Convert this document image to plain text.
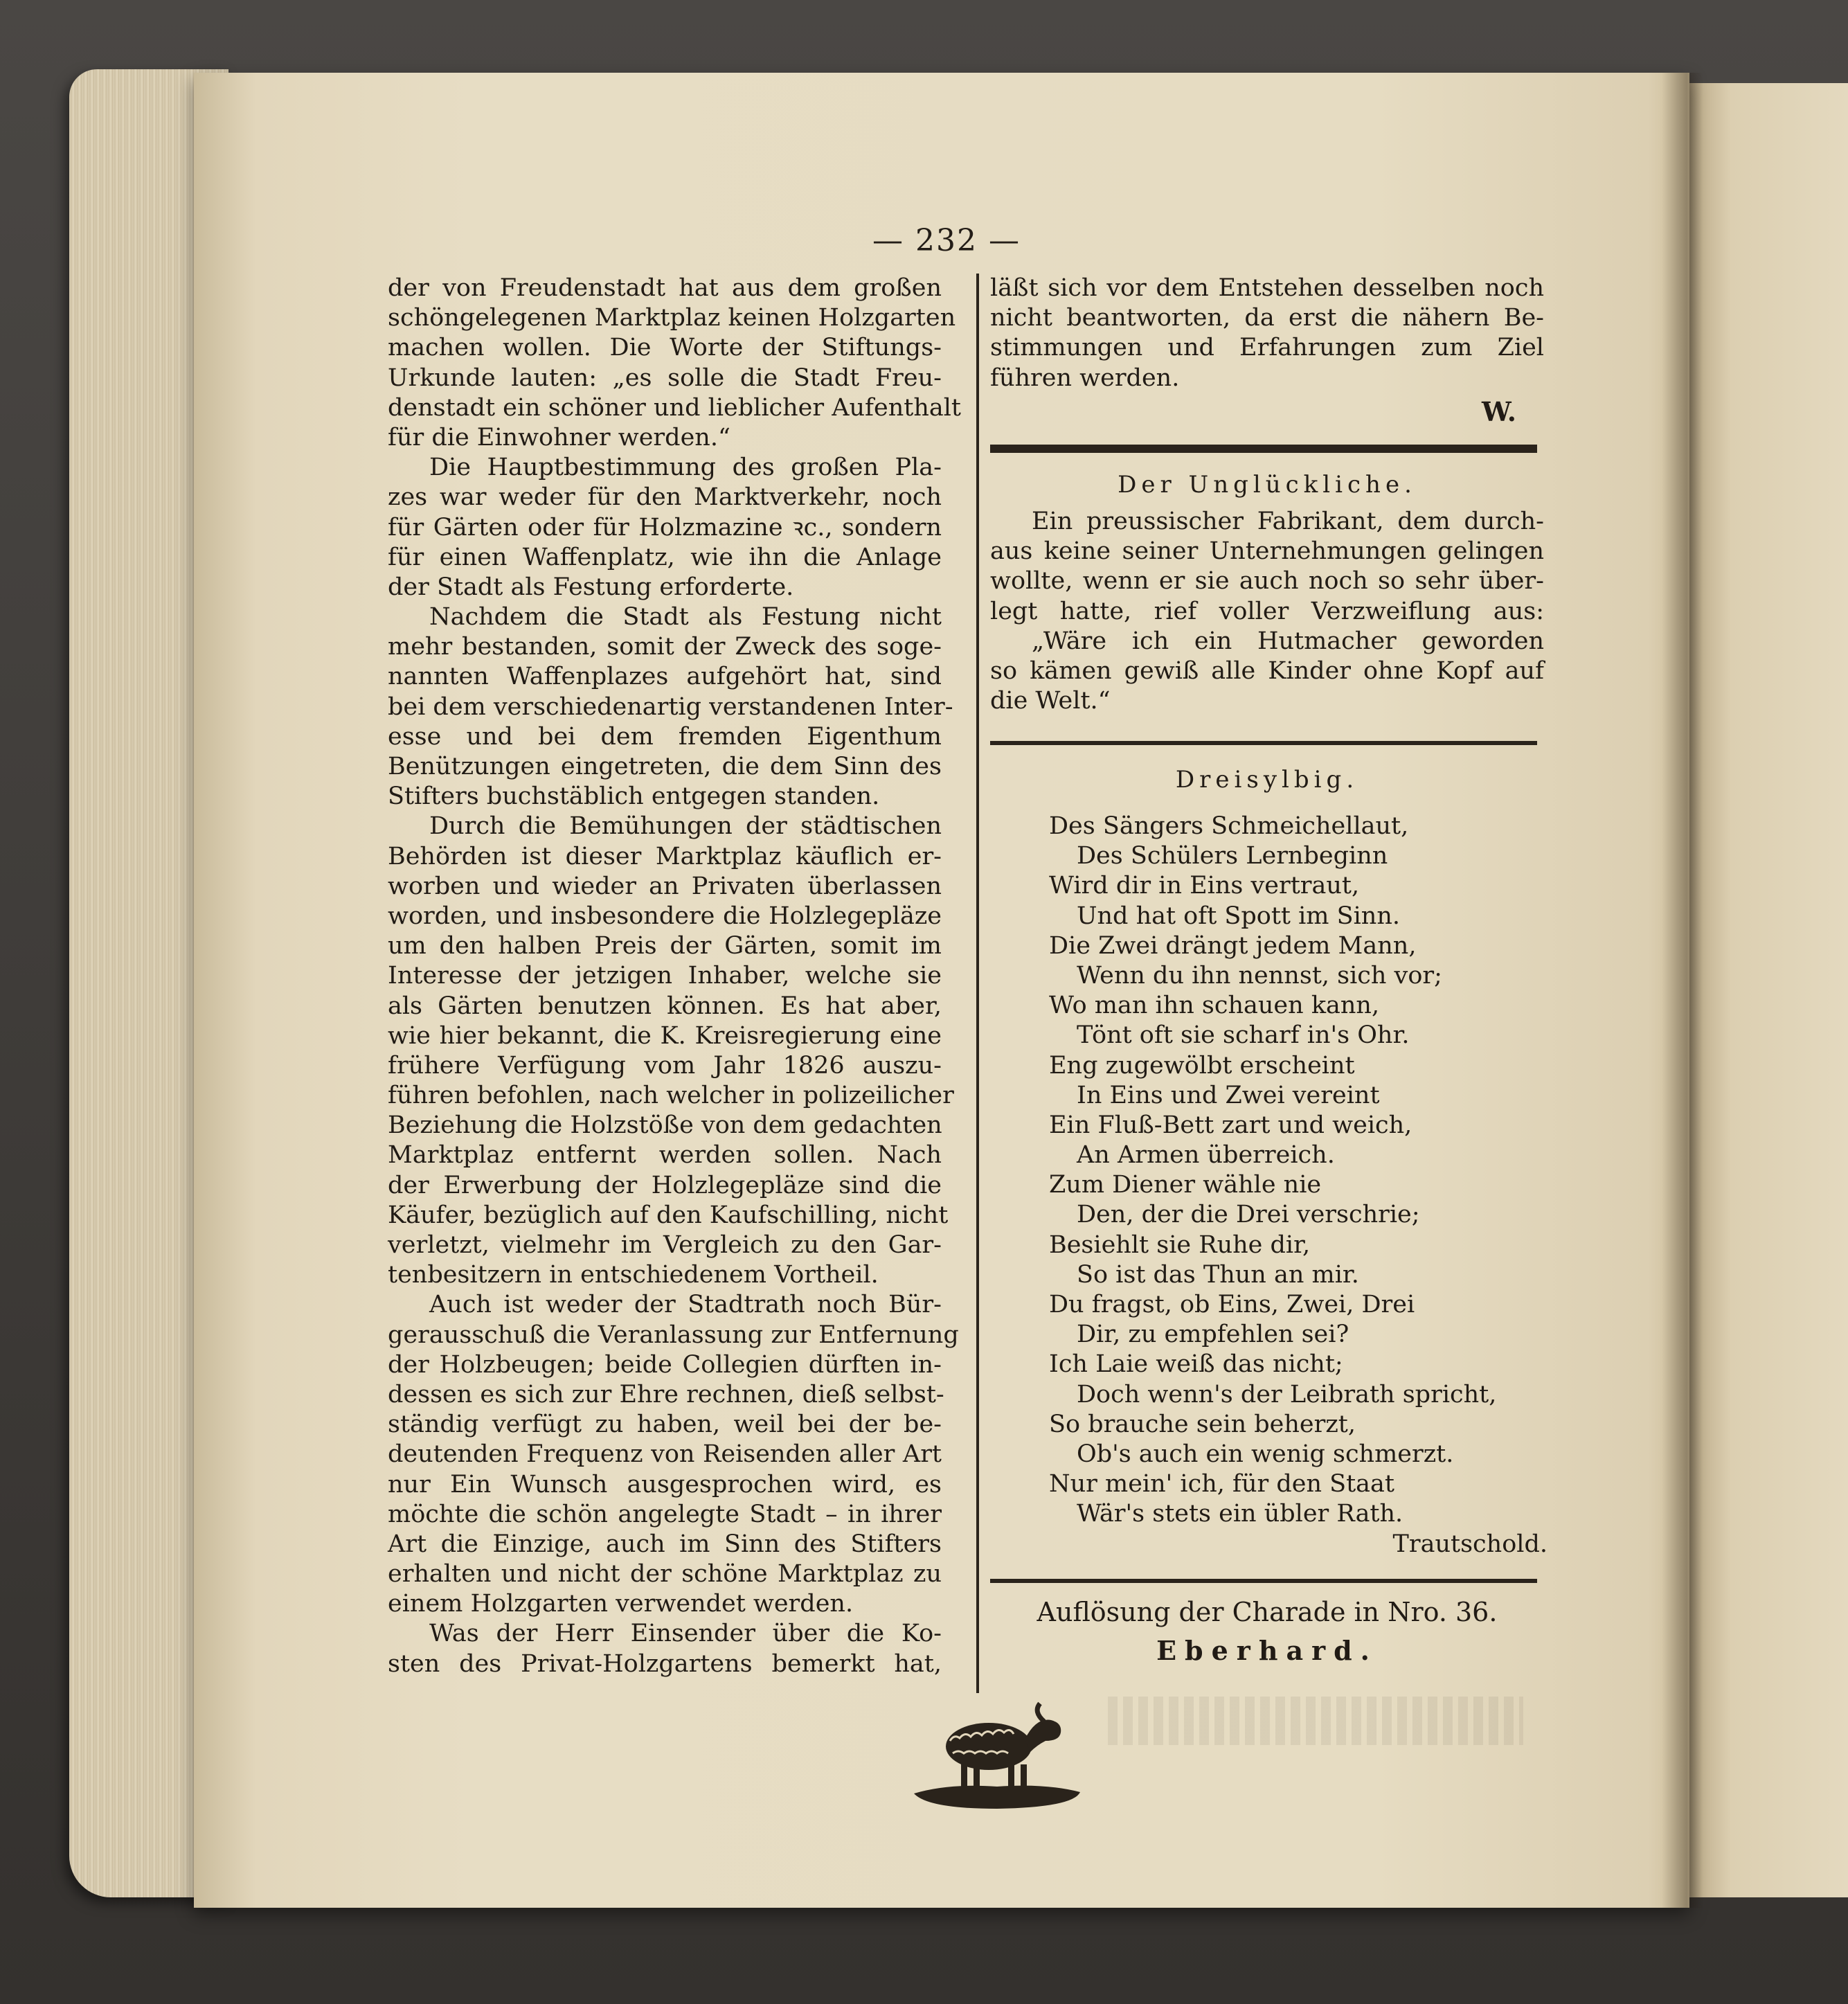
— 232 —
der von Freudenstadt hat aus dem großen
schöngelegenen Marktplaz keinen Holzgarten
machen wollen. Die Worte der Stiftungs-
Urkunde lauten: „es solle die Stadt Freu-
denstadt ein schöner und lieblicher Aufenthalt
für die Einwohner werden.“
Die Hauptbestimmung des großen Pla-
zes war weder für den Marktverkehr, noch
für Gärten oder für Holzmazine ꝛc., sondern
für einen Waffenplatz, wie ihn die Anlage
der Stadt als Festung erforderte.
Nachdem die Stadt als Festung nicht
mehr bestanden, somit der Zweck des soge-
nannten Waffenplazes aufgehört hat, sind
bei dem verschiedenartig verstandenen Inter-
esse und bei dem fremden Eigenthum
Benützungen eingetreten, die dem Sinn des
Stifters buchstäblich entgegen standen.
Durch die Bemühungen der städtischen
Behörden ist dieser Marktplaz käuflich er-
worben und wieder an Privaten überlassen
worden, und insbesondere die Holzlegepläze
um den halben Preis der Gärten, somit im
Interesse der jetzigen Inhaber, welche sie
als Gärten benutzen können. Es hat aber,
wie hier bekannt, die K. Kreisregierung eine
frühere Verfügung vom Jahr 1826 auszu-
führen befohlen, nach welcher in polizeilicher
Beziehung die Holzstöße von dem gedachten
Marktplaz entfernt werden sollen. Nach
der Erwerbung der Holzlegepläze sind die
Käufer, bezüglich auf den Kaufschilling, nicht
verletzt, vielmehr im Vergleich zu den Gar-
tenbesitzern in entschiedenem Vortheil.
Auch ist weder der Stadtrath noch Bür-
gerausschuß die Veranlassung zur Entfernung
der Holzbeugen; beide Collegien dürften in-
dessen es sich zur Ehre rechnen, dieß selbst-
ständig verfügt zu haben, weil bei der be-
deutenden Frequenz von Reisenden aller Art
nur Ein Wunsch ausgesprochen wird, es
möchte die schön angelegte Stadt – in ihrer
Art die Einzige, auch im Sinn des Stifters
erhalten und nicht der schöne Marktplaz zu
einem Holzgarten verwendet werden.
Was der Herr Einsender über die Ko-
sten des Privat-Holzgartens bemerkt hat,
läßt sich vor dem Entstehen desselben noch
nicht beantworten, da erst die nähern Be-
stimmungen und Erfahrungen zum Ziel
führen werden.
W.
Der Unglückliche.
Ein preussischer Fabrikant, dem durch-
aus keine seiner Unternehmungen gelingen
wollte, wenn er sie auch noch so sehr über-
legt hatte, rief voller Verzweiflung aus:
„Wäre ich ein Hutmacher geworden
so kämen gewiß alle Kinder ohne Kopf auf
die Welt.“
Dreisylbig.
Des Sängers Schmeichellaut,
Des Schülers Lernbeginn
Wird dir in Eins vertraut,
Und hat oft Spott im Sinn.
Die Zwei drängt jedem Mann,
Wenn du ihn nennst, sich vor;
Wo man ihn schauen kann,
Tönt oft sie scharf in's Ohr.
Eng zugewölbt erscheint
In Eins und Zwei vereint
Ein Fluß-Bett zart und weich,
An Armen überreich.
Zum Diener wähle nie
Den, der die Drei verschrie;
Besiehlt sie Ruhe dir,
So ist das Thun an mir.
Du fragst, ob Eins, Zwei, Drei
Dir, zu empfehlen sei?
Ich Laie weiß das nicht;
Doch wenn's der Leibrath spricht,
So brauche sein beherzt,
Ob's auch ein wenig schmerzt.
Nur mein' ich, für den Staat
Wär's stets ein übler Rath.
Trautschold.
Auflösung der Charade in Nro. 36.
Eberhard.
